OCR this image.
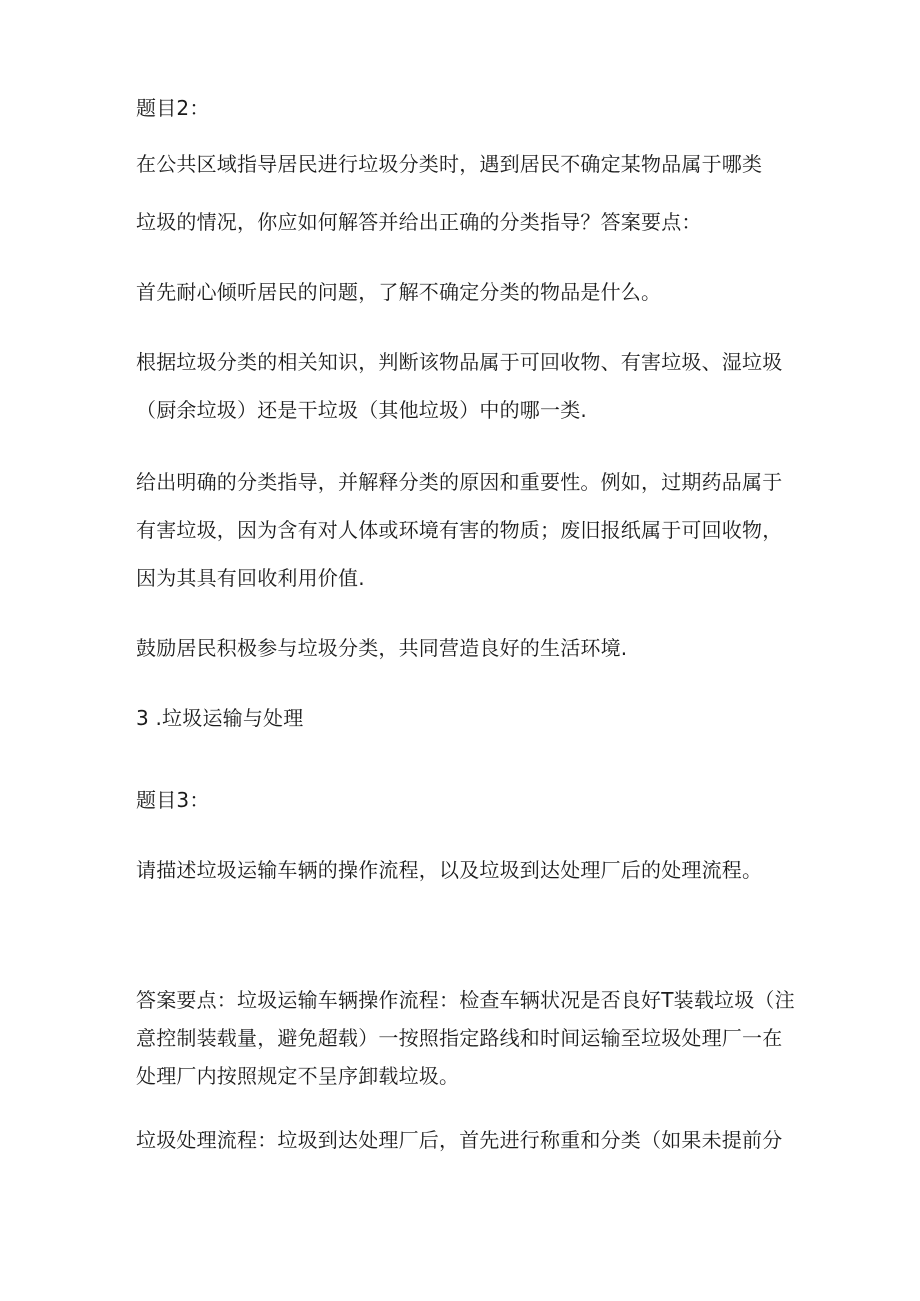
题目2：
在公共区域指导居民进行垃圾分类时，遇到居民不确定某物品属于哪类
垃圾的情况，你应如何解答并给出正确的分类指导？答案要点：
首先耐心倾听居民的问题，了解不确定分类的物品是什么。
根据垃圾分类的相关知识，判断该物品属于可回收物、有害垃圾、湿垃圾
（厨余垃圾）还是干垃圾（其他垃圾）中的哪一类.
给出明确的分类指导，并解释分类的原因和重要性。例如，过期药品属于
有害垃圾，因为含有对人体或环境有害的物质；废旧报纸属于可回收物，
因为其具有回收利用价值.
鼓励居民积极参与垃圾分类，共同营造良好的生活环境.
3 .垃圾运输与处理
题目3：
请描述垃圾运输车辆的操作流程，以及垃圾到达处理厂后的处理流程。
答案要点：垃圾运输车辆操作流程：检查车辆状况是否良好T装载垃圾（注
意控制装载量，避免超载）一按照指定路线和时间运输至垃圾处理厂一在
处理厂内按照规定不呈序卸载垃圾。
垃圾处理流程：垃圾到达处理厂后，首先进行称重和分类（如果未提前分
